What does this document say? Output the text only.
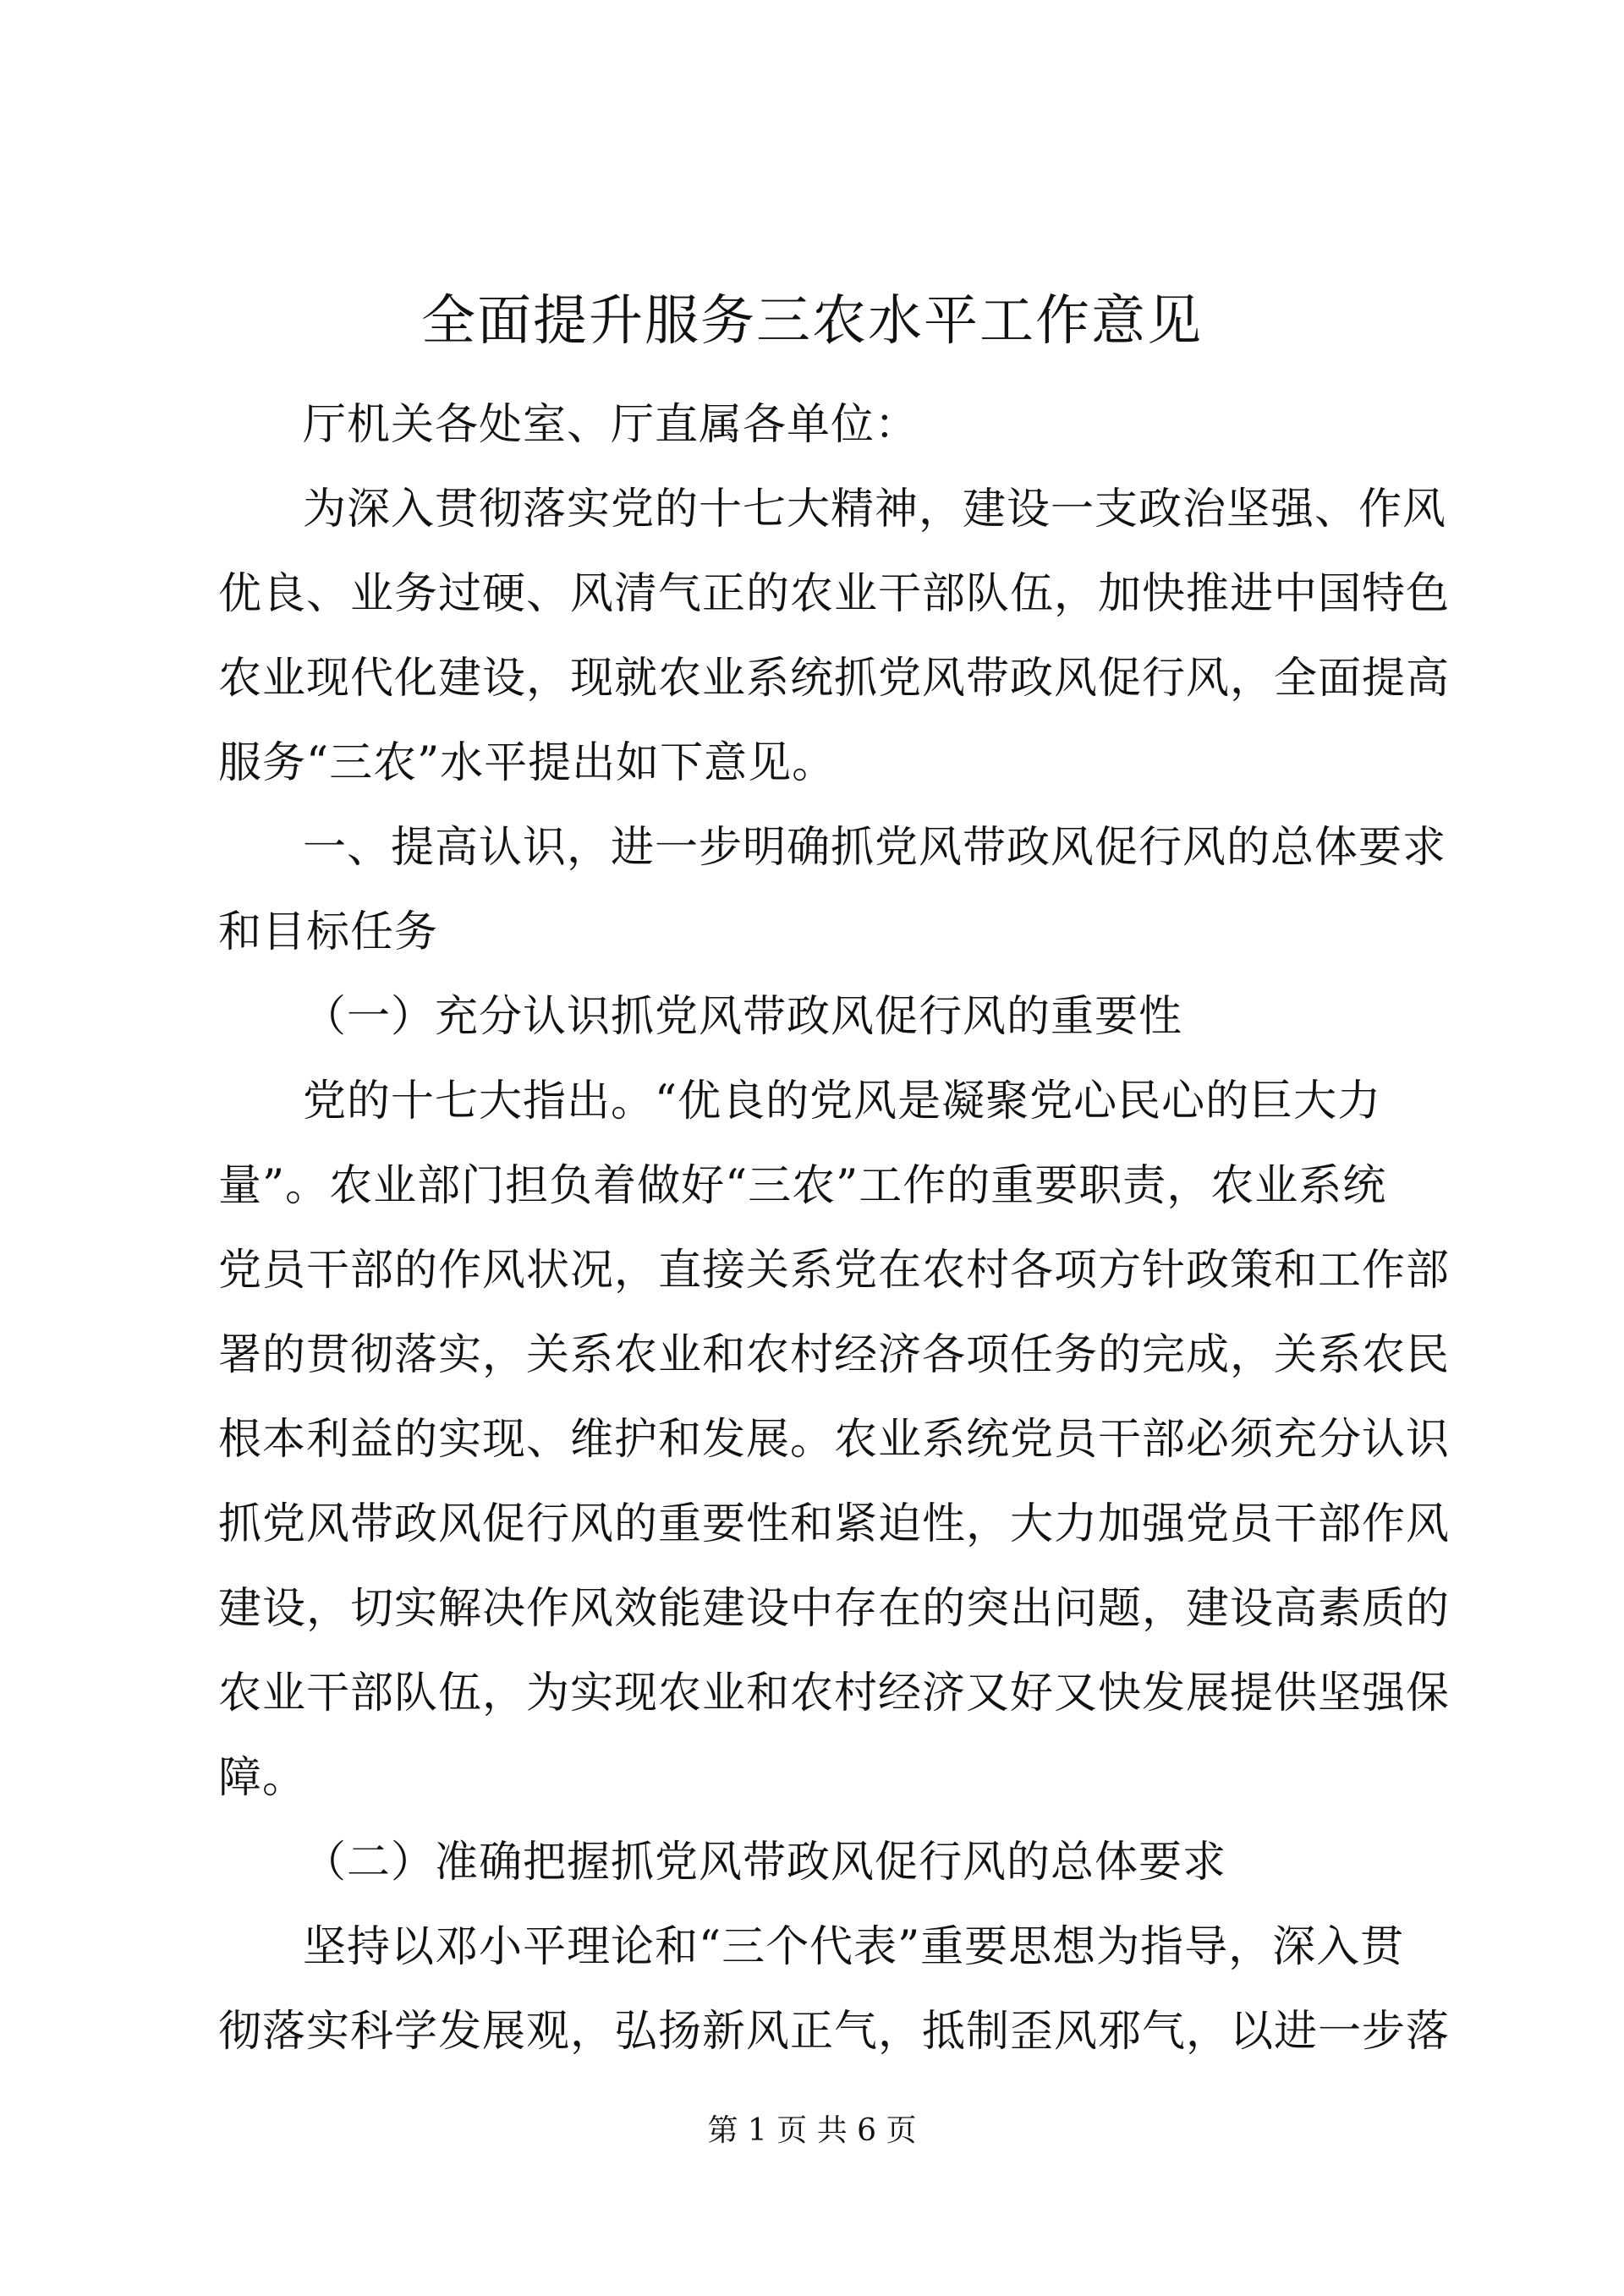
全面提升服务三农水平工作意见
厅机关各处室、厅直属各单位：
为深入贯彻落实党的十七大精神，建设一支政治坚强、作风
优良、业务过硬、风清气正的农业干部队伍，加快推进中国特色
农业现代化建设，现就农业系统抓党风带政风促行风，全面提高
服务“三农”水平提出如下意见。
一、提高认识，进一步明确抓党风带政风促行风的总体要求
和目标任务
（一）充分认识抓党风带政风促行风的重要性
党的十七大指出。“优良的党风是凝聚党心民心的巨大力
量”。农业部门担负着做好“三农”工作的重要职责，农业系统
党员干部的作风状况，直接关系党在农村各项方针政策和工作部
署的贯彻落实，关系农业和农村经济各项任务的完成，关系农民
根本利益的实现、维护和发展。农业系统党员干部必须充分认识
抓党风带政风促行风的重要性和紧迫性，大力加强党员干部作风
建设，切实解决作风效能建设中存在的突出问题，建设高素质的
农业干部队伍，为实现农业和农村经济又好又快发展提供坚强保
障。
（二）准确把握抓党风带政风促行风的总体要求
坚持以邓小平理论和“三个代表”重要思想为指导，深入贯
彻落实科学发展观，弘扬新风正气，抵制歪风邪气，以进一步落
第 1 页 共 6 页
